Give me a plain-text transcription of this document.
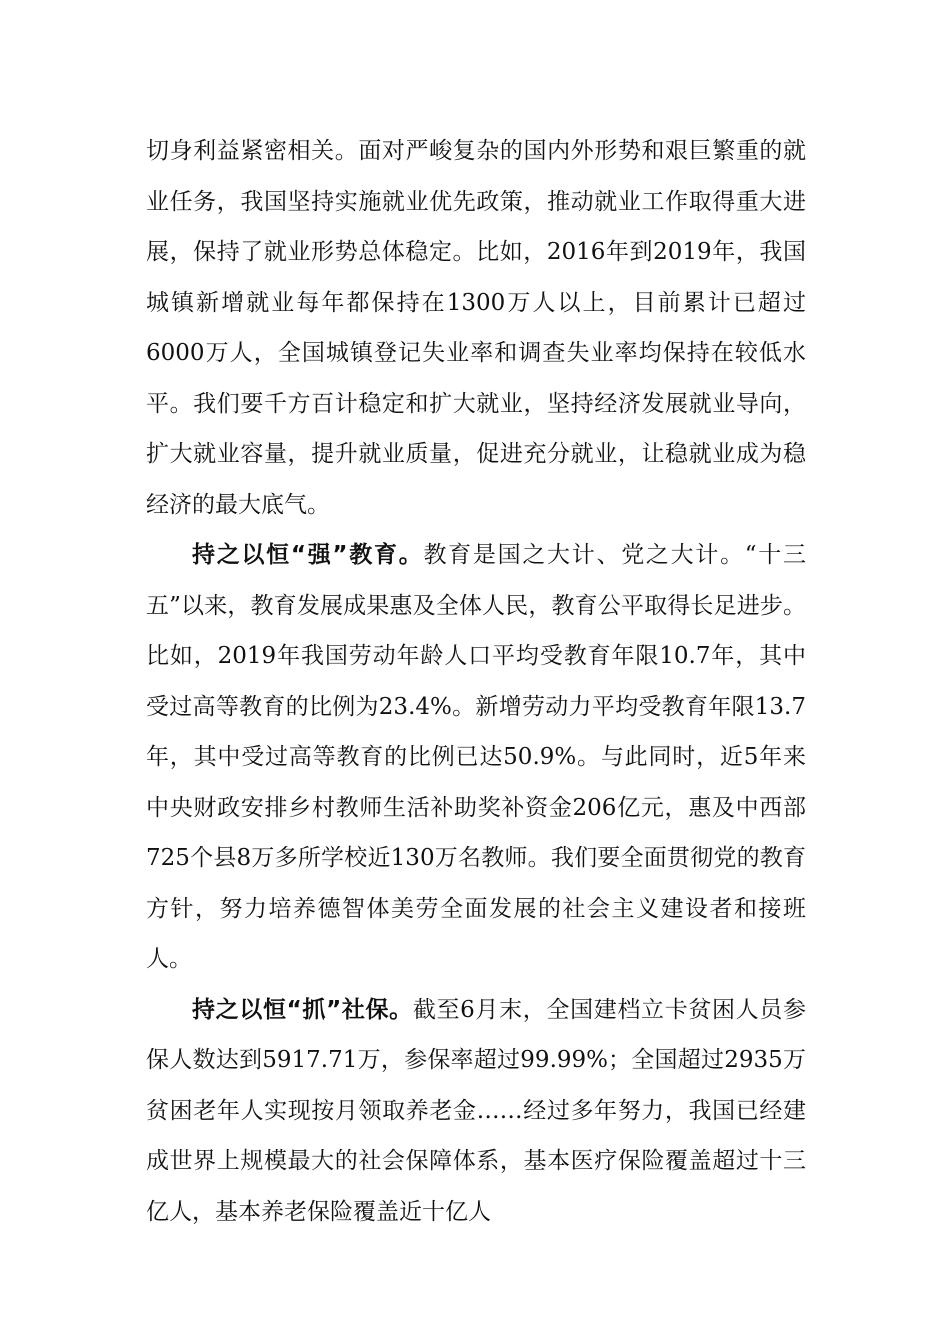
切身利益紧密相关。面对严峻复杂的国内外形势和艰巨繁重的就业任务，我国坚持实施就业优先政策，推动就业工作取得重大进展，保持了就业形势总体稳定。比如，2016年到2019年，我国城镇新增就业每年都保持在1300万人以上，目前累计已超过6000万人，全国城镇登记失业率和调查失业率均保持在较低水平。我们要千方百计稳定和扩大就业，坚持经济发展就业导向，扩大就业容量，提升就业质量，促进充分就业，让稳就业成为稳经济的最大底气。

持之以恒“强”教育。教育是国之大计、党之大计。“十三五”以来，教育发展成果惠及全体人民，教育公平取得长足进步。比如，2019年我国劳动年龄人口平均受教育年限10.7年，其中受过高等教育的比例为23.4%。新增劳动力平均受教育年限13.7年，其中受过高等教育的比例已达50.9%。与此同时，近5年来中央财政安排乡村教师生活补助奖补资金206亿元，惠及中西部725个县8万多所学校近130万名教师。我们要全面贯彻党的教育方针，努力培养德智体美劳全面发展的社会主义建设者和接班人。

持之以恒“抓”社保。截至6月末，全国建档立卡贫困人员参保人数达到5917.71万，参保率超过99.99%；全国超过2935万贫困老年人实现按月领取养老金……经过多年努力，我国已经建成世界上规模最大的社会保障体系，基本医疗保险覆盖超过十三亿人，基本养老保险覆盖近十亿人
